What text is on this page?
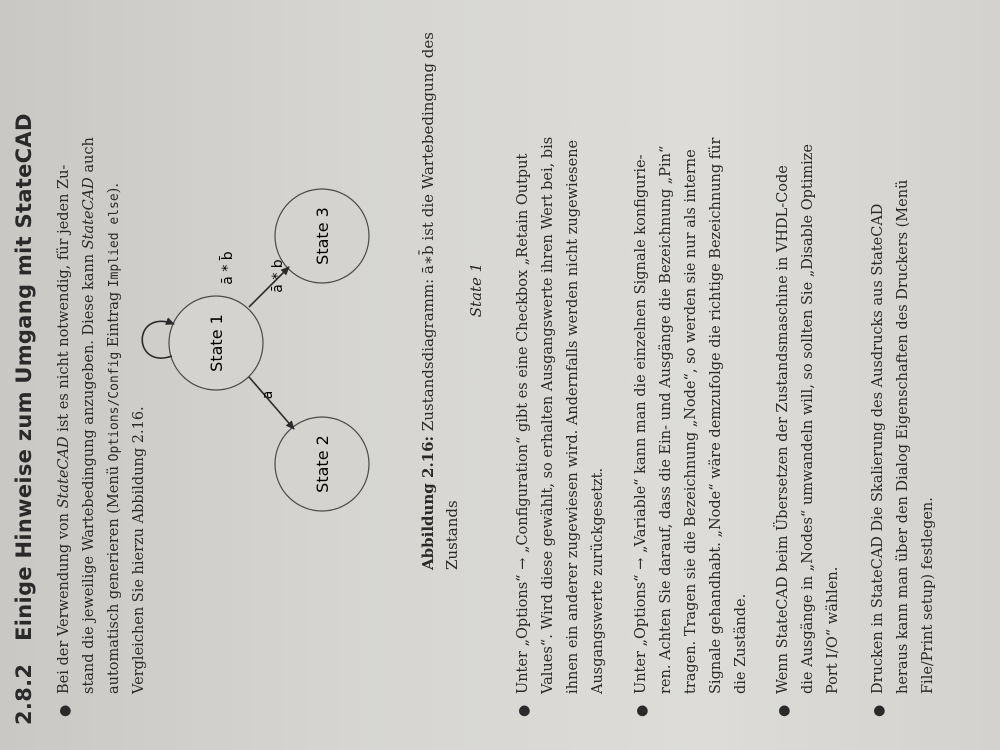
2.8.2   Einige Hinweise zum Umgang mit StateCAD
●
Bei der Verwendung von StateCAD ist es nicht notwendig, für jeden Zu- stand die jeweilige Wartebedingung anzugeben. Diese kann StateCAD auch
automatisch generieren (Menü Options/Config Eintrag Implied else).
Vergleichen Sie hierzu Abbildung 2.16.
State 1
State 2
State 3
a
ā * b
ā * b̄
Abbildung 2.16: Zustandsdiagramm: ā∗b̄ ist die Wartebedingung des Zustands
State 1
●
Unter „Options“ → „Configuration“ gibt es eine Checkbox „Retain Output Values“. Wird diese gewählt, so erhalten Ausgangswerte ihren Wert bei, bis ihnen ein anderer zugewiesen wird. Andernfalls werden nicht zugewiesene Ausgangswerte zurückgesetzt.
●
Unter „Options“ → „Variable“ kann man die einzelnen Signale konfigurie- ren. Achten Sie darauf, dass die Ein- und Ausgänge die Bezeichnung „Pin“ tragen. Tragen sie die Bezeichnung „Node“, so werden sie nur als interne Signale gehandhabt. „Node“ wäre demzufolge die richtige Bezeichnung für die Zustände.
●
Wenn StateCAD beim Übersetzen der Zustandsmaschine in VHDL-Code die Ausgänge in „Nodes“ umwandeln will, so sollten Sie „Disable Optimize Port I/O“ wählen.
●
Drucken in StateCAD Die Skalierung des Ausdrucks aus StateCAD heraus kann man über den Dialog Eigenschaften des Druckers (Menü File/Print setup) festlegen.
